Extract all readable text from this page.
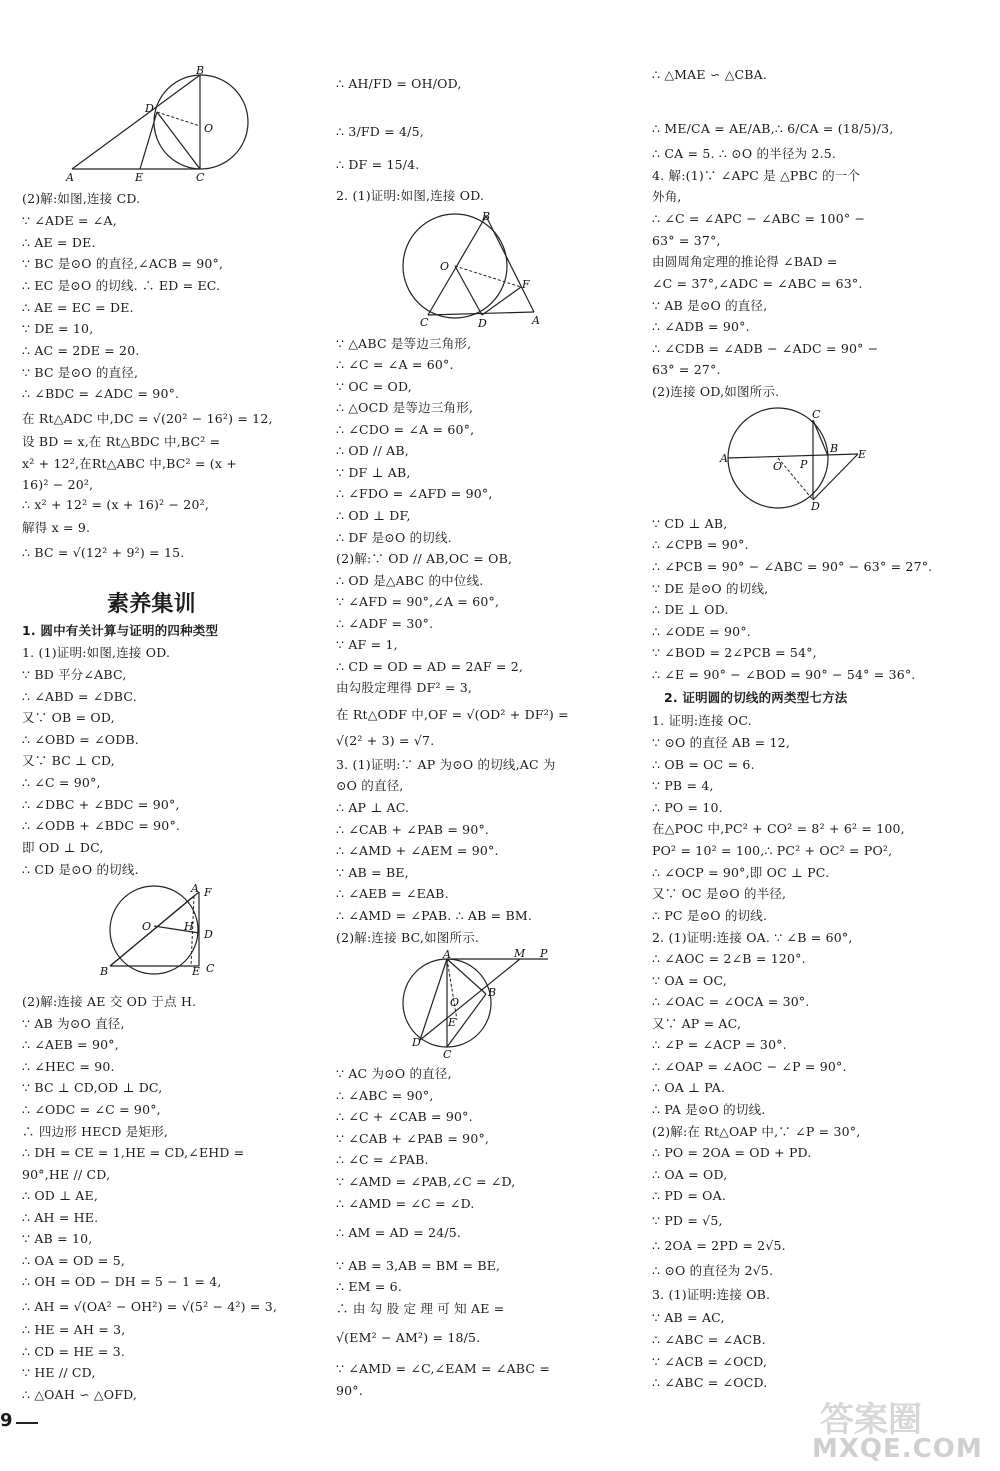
(2)解:如图,连接 CD.
∵ ∠ADE = ∠A,
∴ AE = DE.
∵ BC 是⊙O 的直径,∠ACB = 90°,
∴ EC 是⊙O 的切线. ∴ ED = EC.
∴ AE = EC = DE.
∵ DE = 10,
∴ AC = 2DE = 20.
∵ BC 是⊙O 的直径,
∴ ∠BDC = ∠ADC = 90°.
在 Rt△ADC 中,DC = √(20² − 16²) = 12,
设 BD = x,在 Rt△BDC 中,BC² =
x² + 12²,在Rt△ABC 中,BC² = (x +
16)² − 20²,
∴ x² + 12² = (x + 16)² − 20²,
解得 x = 9.
∴ BC = √(12² + 9²) = 15.
素养集训
1. 圆中有关计算与证明的四种类型
1. (1)证明:如图,连接 OD.
∵ BD 平分∠ABC,
∴ ∠ABD = ∠DBC.
又∵ OB = OD,
∴ ∠OBD = ∠ODB.
又∵ BC ⊥ CD,
∴ ∠C = 90°,
∴ ∠DBC + ∠BDC = 90°,
∴ ∠ODB + ∠BDC = 90°.
即 OD ⊥ DC,
∴ CD 是⊙O 的切线.
(2)解:连接 AE 交 OD 于点 H.
∵ AB 为⊙O 直径,
∴ ∠AEB = 90°,
∴ ∠HEC = 90.
∵ BC ⊥ CD,OD ⊥ DC,
∴ ∠ODC = ∠C = 90°,
∴ 四边形 HECD 是矩形,
∴ DH = CE = 1,HE = CD,∠EHD =
90°,HE // CD,
∴ OD ⊥ AE,
∴ AH = HE.
∵ AB = 10,
∴ OA = OD = 5,
∴ OH = OD − DH = 5 − 1 = 4,
∴ AH = √(OA² − OH²) = √(5² − 4²) = 3,
∴ HE = AH = 3,
∴ CD = HE = 3.
∵ HE // CD,
∴ △OAH ∽ △OFD,
∴ AH/FD = OH/OD,
∴ 3/FD = 4/5,
∴ DF = 15/4.
2. (1)证明:如图,连接 OD.
∵ △ABC 是等边三角形,
∴ ∠C = ∠A = 60°.
∵ OC = OD,
∴ △OCD 是等边三角形,
∴ ∠CDO = ∠A = 60°,
∴ OD // AB,
∵ DF ⊥ AB,
∴ ∠FDO = ∠AFD = 90°,
∴ OD ⊥ DF,
∴ DF 是⊙O 的切线.
(2)解:∵ OD // AB,OC = OB,
∴ OD 是△ABC 的中位线.
∵ ∠AFD = 90°,∠A = 60°,
∴ ∠ADF = 30°.
∵ AF = 1,
∴ CD = OD = AD = 2AF = 2,
由勾股定理得 DF² = 3,
在 Rt△ODF 中,OF = √(OD² + DF²) =
√(2² + 3) = √7.
3. (1)证明:∵ AP 为⊙O 的切线,AC 为
⊙O 的直径,
∴ AP ⊥ AC.
∴ ∠CAB + ∠PAB = 90°.
∴ ∠AMD + ∠AEM = 90°.
∵ AB = BE,
∴ ∠AEB = ∠EAB.
∴ ∠AMD = ∠PAB. ∴ AB = BM.
(2)解:连接 BC,如图所示.
∵ AC 为⊙O 的直径,
∴ ∠ABC = 90°,
∴ ∠C + ∠CAB = 90°.
∵ ∠CAB + ∠PAB = 90°,
∴ ∠C = ∠PAB.
∵ ∠AMD = ∠PAB,∠C = ∠D,
∴ ∠AMD = ∠C = ∠D.
∴ AM = AD = 24/5.
∵ AB = 3,AB = BM = BE,
∴ EM = 6.
∴ 由 勾 股 定 理 可 知 AE =
√(EM² − AM²) = 18/5.
∵ ∠AMD = ∠C,∠EAM = ∠ABC =
90°.
∴ △MAE ∽ △CBA.
∴ ME/CA = AE/AB,∴ 6/CA = (18/5)/3,
∴ CA = 5. ∴ ⊙O 的半径为 2.5.
4. 解:(1)∵ ∠APC 是 △PBC 的一个
外角,
∴ ∠C = ∠APC − ∠ABC = 100° −
63° = 37°,
由圆周角定理的推论得 ∠BAD =
∠C = 37°,∠ADC = ∠ABC = 63°.
∵ AB 是⊙O 的直径,
∴ ∠ADB = 90°.
∴ ∠CDB = ∠ADB − ∠ADC = 90° −
63° = 27°.
(2)连接 OD,如图所示.
∵ CD ⊥ AB,
∴ ∠CPB = 90°.
∴ ∠PCB = 90° − ∠ABC = 90° − 63° = 27°.
∵ DE 是⊙O 的切线,
∴ DE ⊥ OD.
∴ ∠ODE = 90°.
∵ ∠BOD = 2∠PCB = 54°,
∴ ∠E = 90° − ∠BOD = 90° − 54° = 36°.
2. 证明圆的切线的两类型七方法
1. 证明:连接 OC.
∵ ⊙O 的直径 AB = 12,
∴ OB = OC = 6.
∵ PB = 4,
∴ PO = 10.
在△POC 中,PC² + CO² = 8² + 6² = 100,
PO² = 10² = 100,∴ PC² + OC² = PO²,
∴ ∠OCP = 90°,即 OC ⊥ PC.
又∵ OC 是⊙O 的半径,
∴ PC 是⊙O 的切线.
2. (1)证明:连接 OA. ∵ ∠B = 60°,
∴ ∠AOC = 2∠B = 120°.
∵ OA = OC,
∴ ∠OAC = ∠OCA = 30°.
又∵ AP = AC,
∴ ∠P = ∠ACP = 30°.
∴ ∠OAP = ∠AOC − ∠P = 90°.
∴ OA ⊥ PA.
∴ PA 是⊙O 的切线.
(2)解:在 Rt△OAP 中,∵ ∠P = 30°,
∴ PO = 2OA = OD + PD.
∴ OA = OD,
∴ PD = OA.
∵ PD = √5,
∴ 2OA = 2PD = 2√5.
∴ ⊙O 的直径为 2√5.
3. (1)证明:连接 OB.
∵ AB = AC,
∴ ∠ABC = ∠ACB.
∵ ∠ACB = ∠OCD,
∴ ∠ABC = ∠OCD.
A	E	C
B
D
O
B
O
F
C	D	A
A F
O	H
D
B	E C
A	M P
O
B
E
D
C
C
A
O P
B E
D
9	答案圈
MXQE.COM
